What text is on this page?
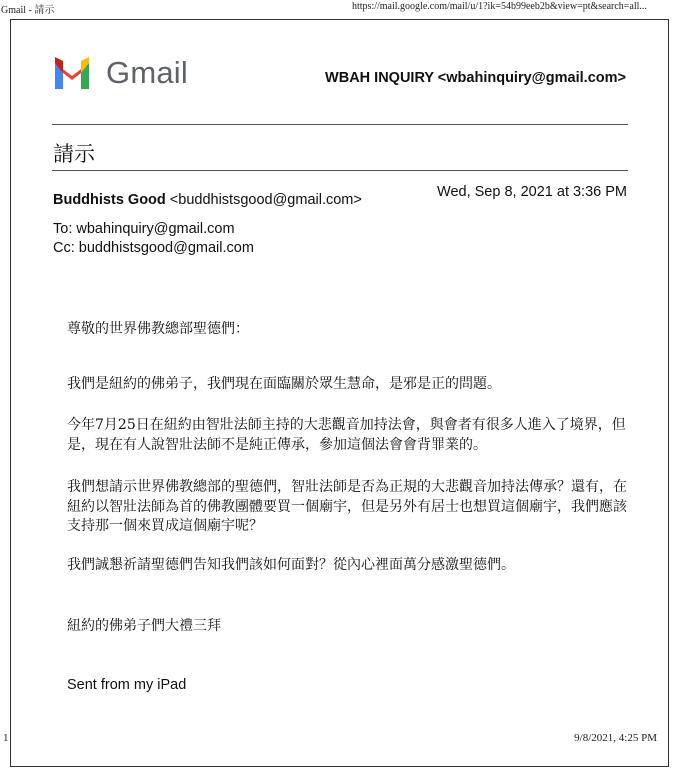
Gmail - 請示	https://mail.google.com/mail/u/1?ik=54b99eeb2b&view=pt&search=all...
Gmail	WBAH INQUIRY <wbahinquiry@gmail.com>
請示
Buddhists Good <buddhistsgood@gmail.com>	Wed, Sep 8, 2021 at 3:36 PM
To: wbahinquiry@gmail.com
Cc: buddhistsgood@gmail.com
尊敬的世界佛教總部聖德們：
我們是紐約的佛弟子，我們現在面臨關於眾生慧命，是邪是正的問題。
今年7月25日在紐約由智壯法師主持的大悲觀音加持法會，與會者有很多人進入了境界，但是，現在有人說智壯法師不是純正傳承，參加這個法會會背罪業的。
我們想請示世界佛教總部的聖德們，智壯法師是否為正規的大悲觀音加持法傳承？還有，在紐約以智壯法師為首的佛教團體要買一個廟宇，但是另外有居士也想買這個廟宇，我們應該支持那一個來買成這個廟宇呢？
我們誠懇祈請聖德們告知我們該如何面對？從內心裡面萬分感激聖德們。
紐約的佛弟子們大禮三拜
Sent from my iPad
1	9/8/2021, 4:25 PM
